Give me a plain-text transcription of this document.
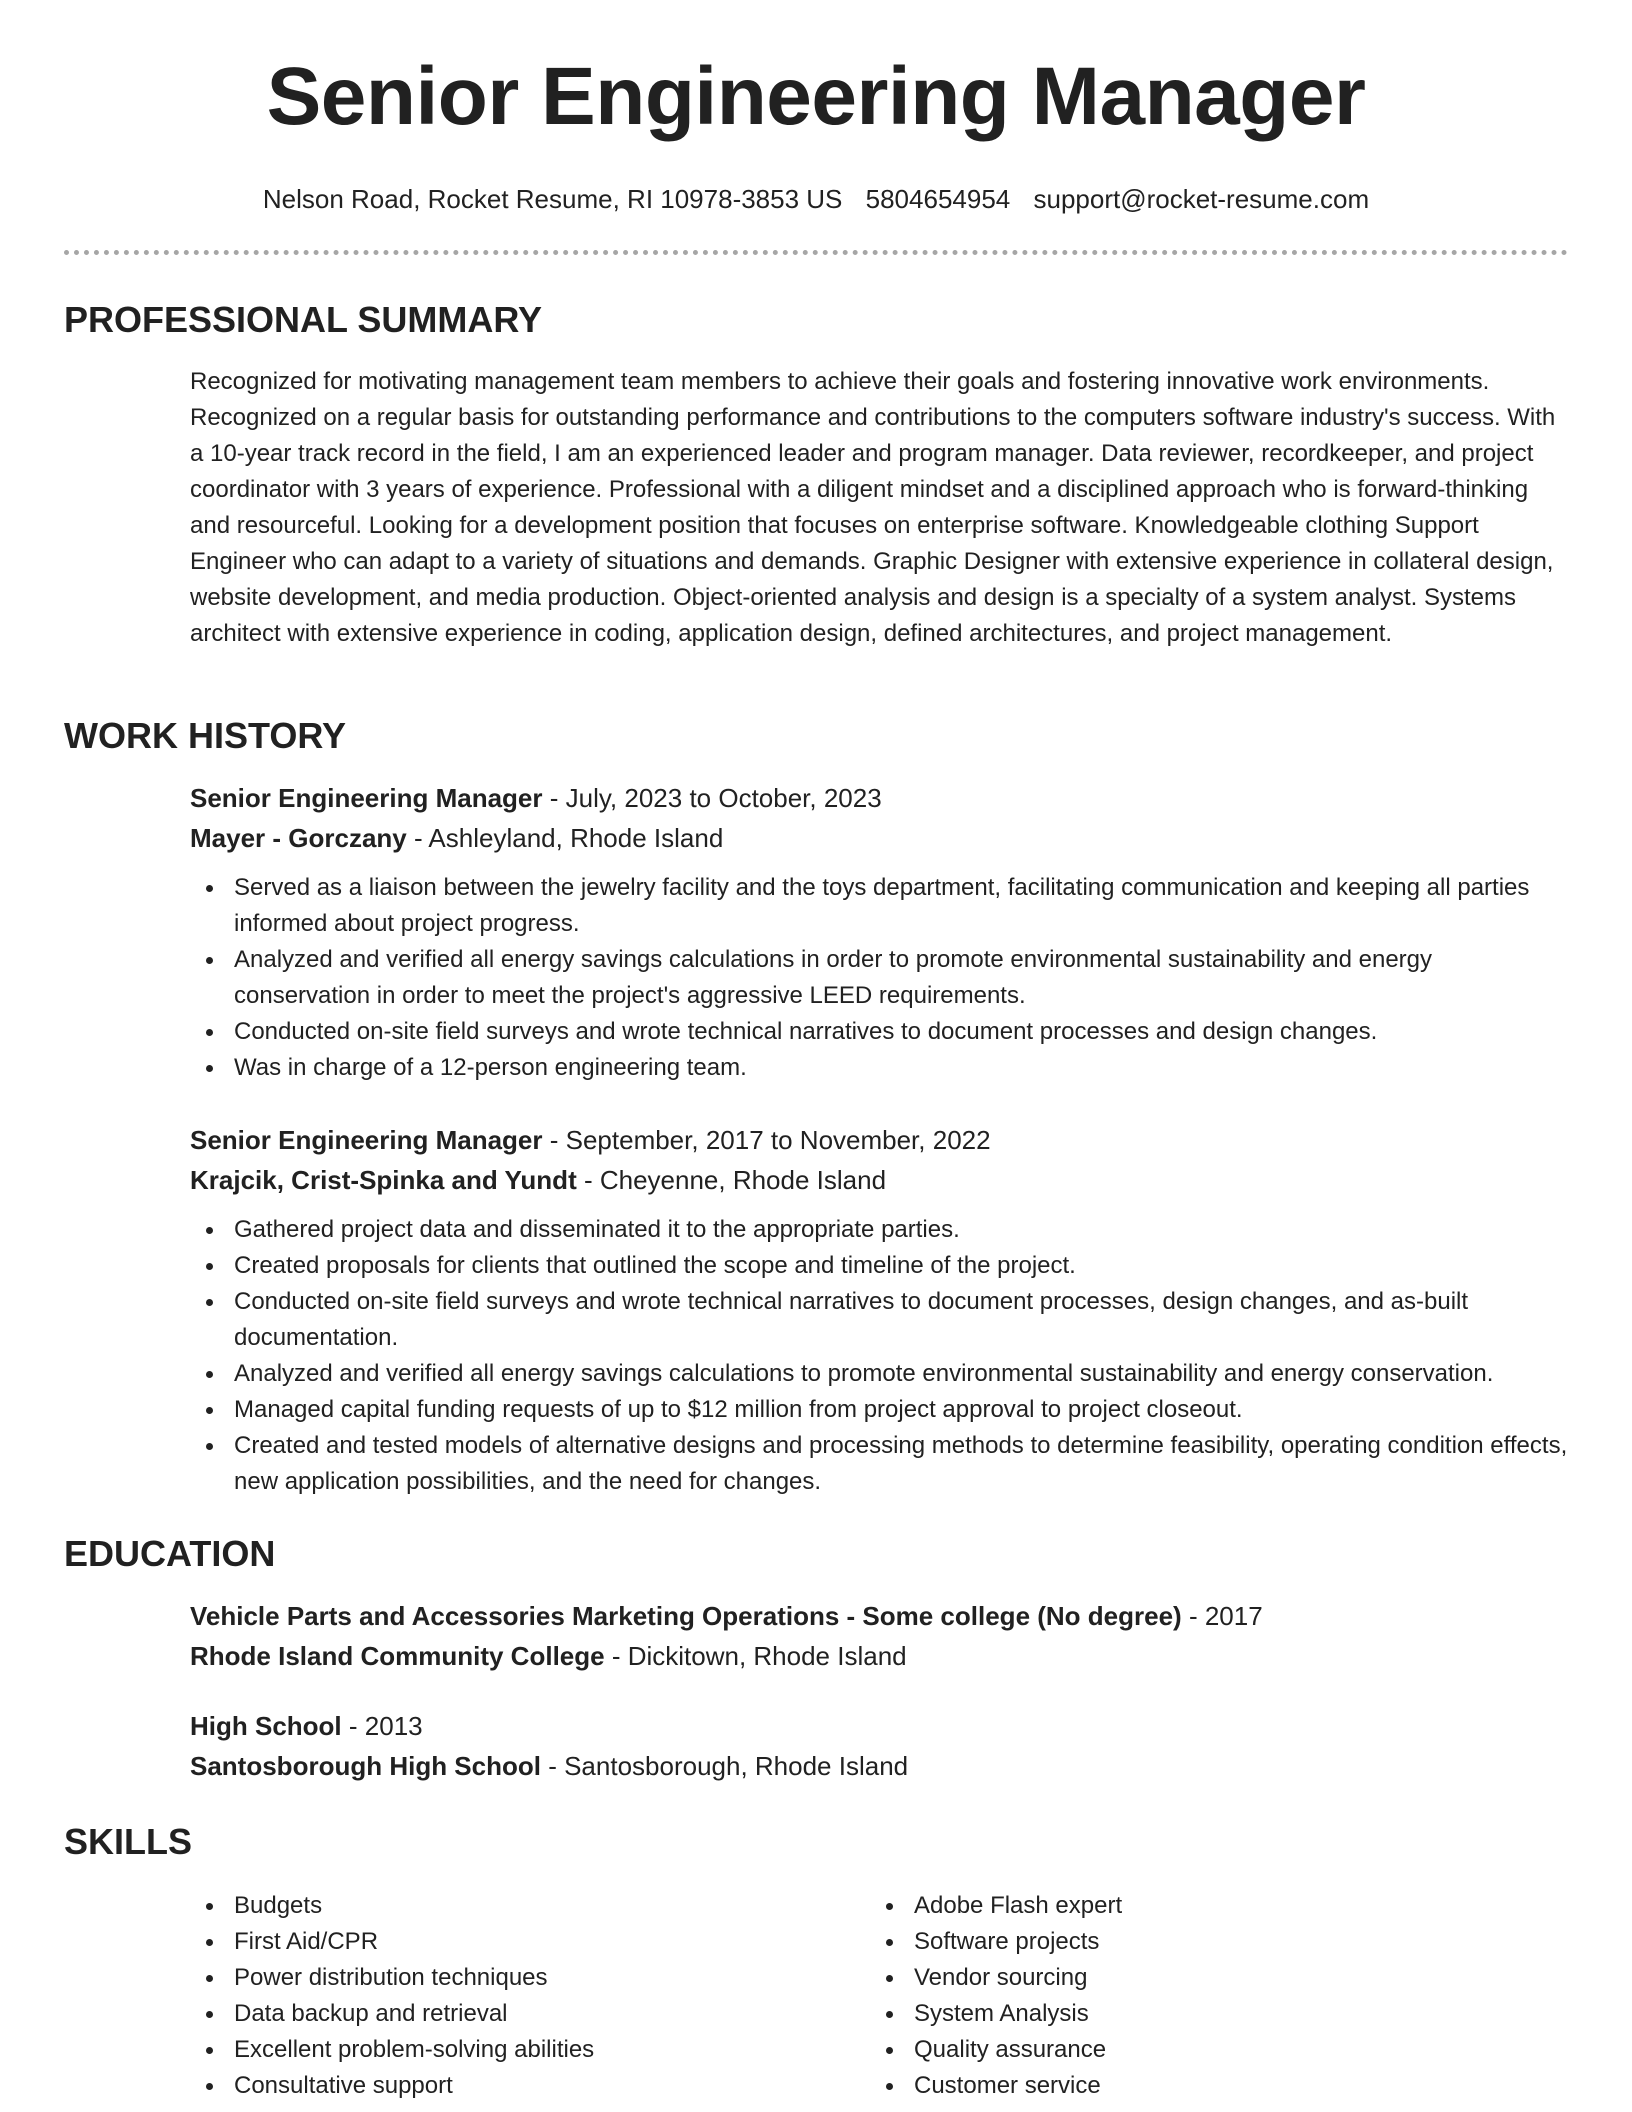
Senior Engineering Manager
Nelson Road, Rocket Resume, RI 10978-3853 US 5804654954 support@rocket-resume.com
PROFESSIONAL SUMMARY

Recognized for motivating management team members to achieve their goals and fostering innovative work environments. Recognized on a regular basis for outstanding performance and contributions to the computers software industry's success. With a 10-year track record in the field, I am an experienced leader and program manager. Data reviewer, recordkeeper, and project coordinator with 3 years of experience. Professional with a diligent mindset and a disciplined approach who is forward-thinking and resourceful. Looking for a development position that focuses on enterprise software. Knowledgeable clothing Support Engineer who can adapt to a variety of situations and demands. Graphic Designer with extensive experience in collateral design, website development, and media production. Object-oriented analysis and design is a specialty of a system analyst. Systems architect with extensive experience in coding, application design, defined architectures, and project management.

WORK HISTORY
Senior Engineering Manager - July, 2023 to October, 2023
Mayer - Gorczany - Ashleyland, Rhode Island
Served as a liaison between the jewelry facility and the toys department, facilitating communication and keeping all parties informed about project progress.
Analyzed and verified all energy savings calculations in order to promote environmental sustainability and energy conservation in order to meet the project's aggressive LEED requirements.
Conducted on-site field surveys and wrote technical narratives to document processes and design changes.
Was in charge of a 12-person engineering team.
Senior Engineering Manager - September, 2017 to November, 2022
Krajcik, Crist-Spinka and Yundt - Cheyenne, Rhode Island
Gathered project data and disseminated it to the appropriate parties.
Created proposals for clients that outlined the scope and timeline of the project.
Conducted on-site field surveys and wrote technical narratives to document processes, design changes, and as-built documentation.
Analyzed and verified all energy savings calculations to promote environmental sustainability and energy conservation.
Managed capital funding requests of up to $12 million from project approval to project closeout.
Created and tested models of alternative designs and processing methods to determine feasibility, operating condition effects, new application possibilities, and the need for changes.
EDUCATION
Vehicle Parts and Accessories Marketing Operations - Some college (No degree) - 2017
Rhode Island Community College - Dickitown, Rhode Island
High School - 2013
Santosborough High School - Santosborough, Rhode Island
SKILLS
Budgets
First Aid/CPR
Power distribution techniques
Data backup and retrieval
Excellent problem-solving abilities
Consultative support
Adobe Flash expert
Software projects
Vendor sourcing
System Analysis
Quality assurance
Customer service
